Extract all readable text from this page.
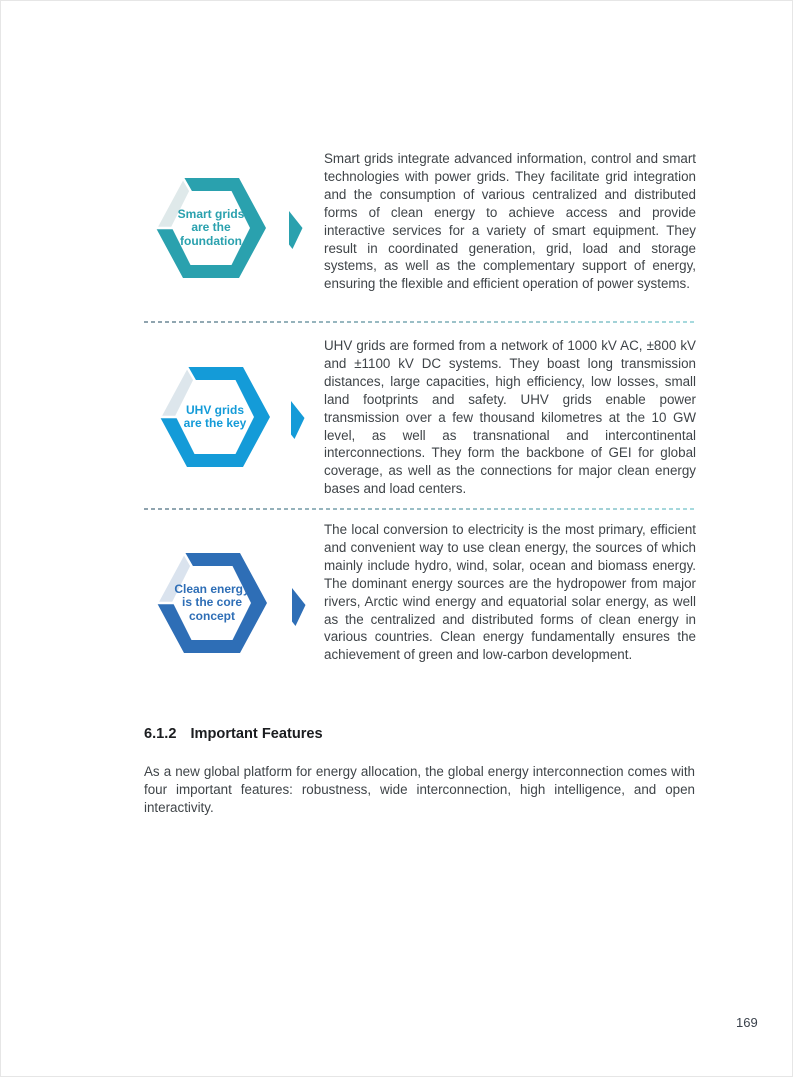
Smart grids
are the
foundation
Smart grids integrate advanced information, control and smart technologies with power grids. They facilitate grid integration and the consumption of various centralized and distributed forms of clean energy to achieve access and provide interactive services for a variety of smart equipment. They result in coordinated generation, grid, load and storage systems, as well as the complementary support of energy, ensuring the flexible and efficient operation of power systems.
UHV grids
are the key
UHV grids are formed from a network of 1000 kV AC, ±800 kV and ±1100 kV DC systems. They boast long transmission distances, large capacities, high efficiency, low losses, small land footprints and safety. UHV grids enable power transmission over a few thousand kilometres at the 10 GW level, as well as transnational and intercontinental interconnections. They form the backbone of GEI for global coverage, as well as the connections for major clean energy bases and load centers.
Clean energy
is the core
concept
The local conversion to electricity is the most primary, efficient and convenient way to use clean energy, the sources of which mainly include hydro, wind, solar, ocean and biomass energy. The dominant energy sources are the hydropower from major rivers, Arctic wind energy and equatorial solar energy, as well as the centralized and distributed forms of clean energy in various countries. Clean energy fundamentally ensures the achievement of green and low-carbon development.
6.1.2 Important Features
As a new global platform for energy allocation, the global energy interconnection comes with four important features: robustness, wide interconnection, high intelligence, and open interactivity.
169
